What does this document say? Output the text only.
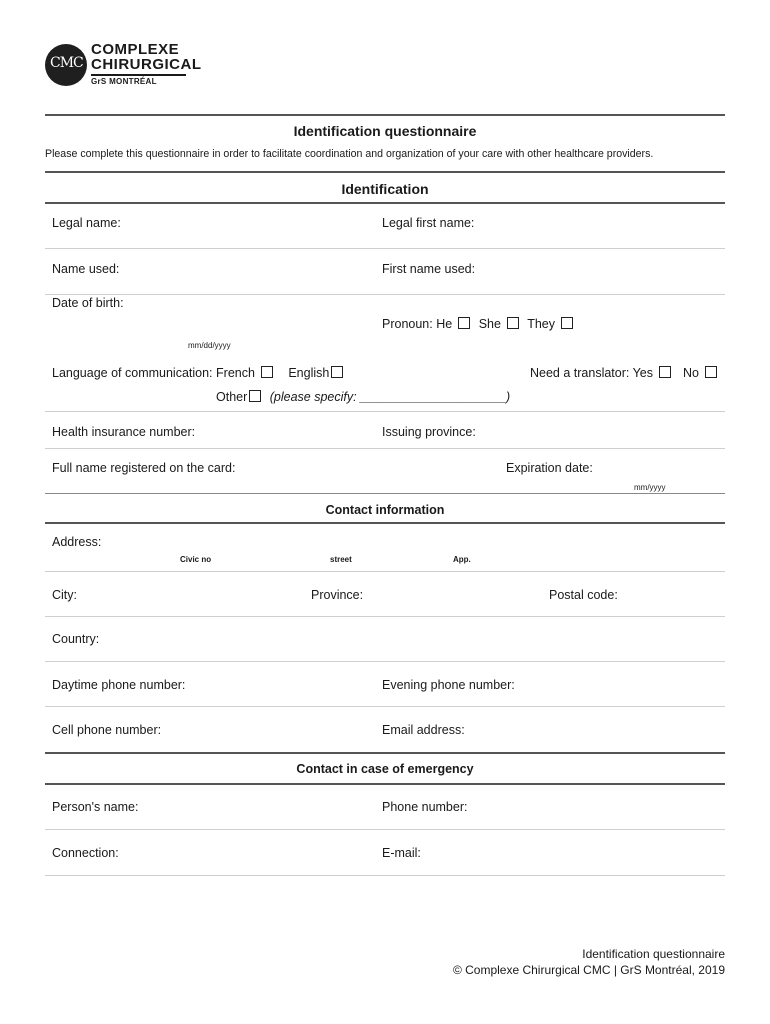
CMC
COMPLEXE
CHIRURGICAL
GrS MONTRÉAL
Identification questionnaire
Please complete this questionnaire in order to facilitate coordination and organization of your care with other healthcare providers.
Identification
Legal name:	Legal first name:
Name used:	First name used:
Date of birth:
mm/dd/yyyy
Pronoun: He She They
Language of communication: French	English	Need a translator: Yes No
Other (please specify: _____________________)
Health insurance number:	Issuing province:
Full name registered on the card:	Expiration date:
mm/yyyy
Contact information
Address:
Civic no	street	App.
City:	Province:	Postal code:
Country:
Daytime phone number:	Evening phone number:
Cell phone number:	Email address:
Contact in case of emergency
Person's name:	Phone number:
Connection:	E-mail:
Identification questionnaire
© Complexe Chirurgical CMC | GrS Montréal, 2019
